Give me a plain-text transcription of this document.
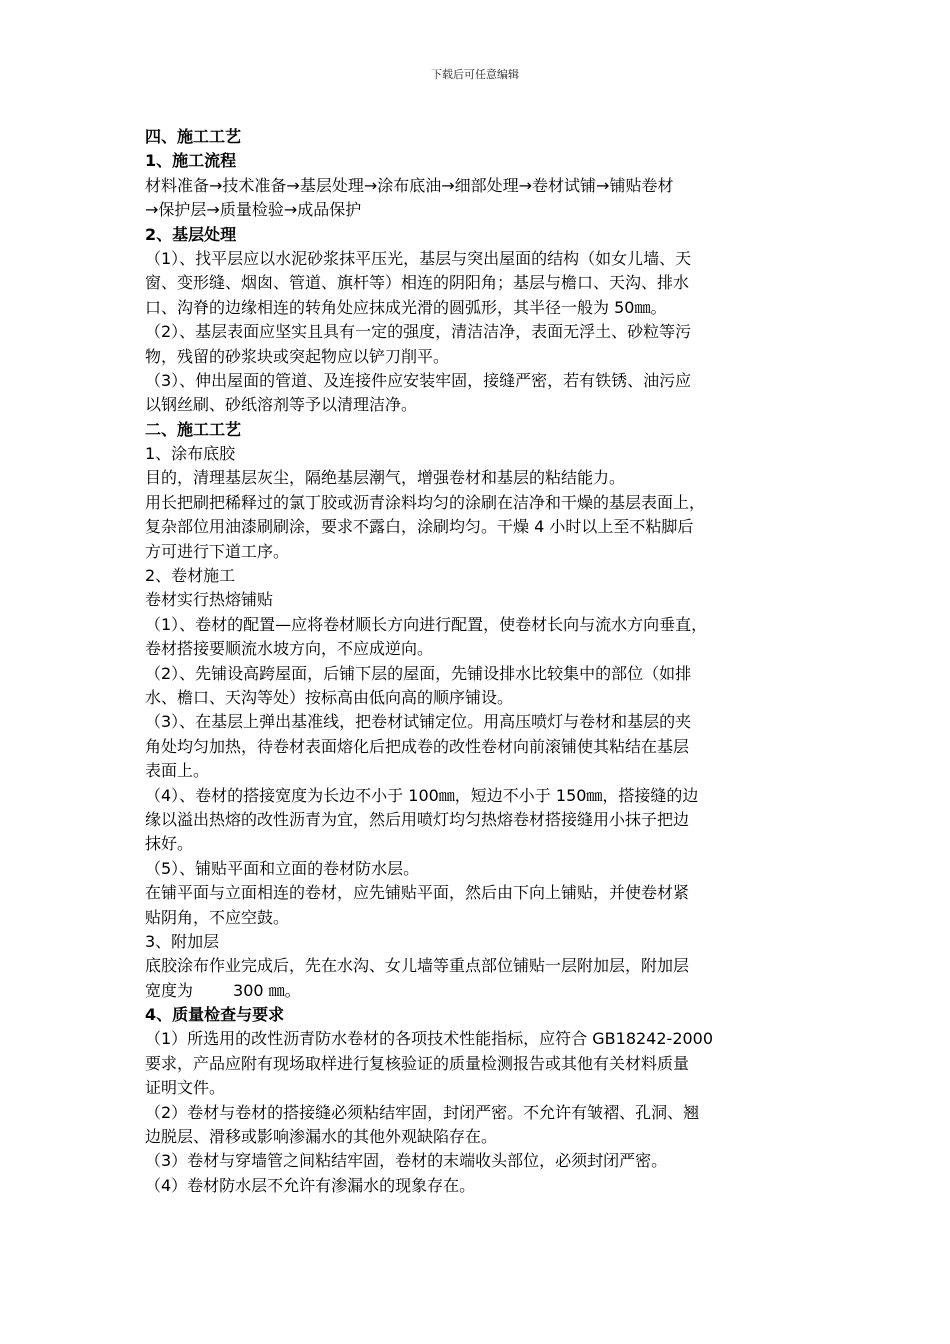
下载后可任意编辑
四、施工工艺
1、施工流程
材料准备→技术准备→基层处理→涂布底油→细部处理→卷材试铺→铺贴卷材
→保护层→质量检验→成品保护
2、基层处理
（1）、找平层应以水泥砂浆抹平压光，基层与突出屋面的结构（如女儿墙、天
窗、变形缝、烟囱、管道、旗杆等）相连的阴阳角；基层与檐口、天沟、排水
口、沟脊的边缘相连的转角处应抹成光滑的圆弧形，其半径一般为 50㎜。
（2）、基层表面应坚实且具有一定的强度，清洁洁净，表面无浮土、砂粒等污
物，残留的砂浆块或突起物应以铲刀削平。
（3）、伸出屋面的管道、及连接件应安装牢固，接缝严密，若有铁锈、油污应
以钢丝刷、砂纸溶剂等予以清理洁净。
二、施工工艺
1、涂布底胶
目的，清理基层灰尘，隔绝基层潮气，增强卷材和基层的粘结能力。
用长把刷把稀释过的氯丁胶或沥青涂料均匀的涂刷在洁净和干燥的基层表面上，
复杂部位用油漆刷刷涂，要求不露白，涂刷均匀。干燥 4 小时以上至不粘脚后
方可进行下道工序。
2、卷材施工
卷材实行热熔铺贴
（1）、卷材的配置—应将卷材顺长方向进行配置，使卷材长向与流水方向垂直，
卷材搭接要顺流水坡方向，不应成逆向。
（2）、先铺设高跨屋面，后铺下层的屋面，先铺设排水比较集中的部位（如排
水、檐口、天沟等处）按标高由低向高的顺序铺设。
（3）、在基层上弹出基准线，把卷材试铺定位。用高压喷灯与卷材和基层的夹
角处均匀加热，待卷材表面熔化后把成卷的改性卷材向前滚铺使其粘结在基层
表面上。
（4）、卷材的搭接宽度为长边不小于 100㎜，短边不小于 150㎜，搭接缝的边
缘以溢出热熔的改性沥青为宜，然后用喷灯均匀热熔卷材搭接缝用小抹子把边
抹好。
（5）、铺贴平面和立面的卷材防水层。
在铺平面与立面相连的卷材，应先铺贴平面，然后由下向上铺贴，并使卷材紧
贴阴角，不应空鼓。
3、附加层
底胶涂布作业完成后，先在水沟、女儿墙等重点部位铺贴一层附加层，附加层
宽度为	300 ㎜。
4、质量检查与要求
（1）所选用的改性沥青防水卷材的各项技术性能指标，应符合 GB18242-2000
要求，产品应附有现场取样进行复核验证的质量检测报告或其他有关材料质量
证明文件。
（2）卷材与卷材的搭接缝必须粘结牢固，封闭严密。不允许有皱褶、孔洞、翘
边脱层、滑移或影响渗漏水的其他外观缺陷存在。
（3）卷材与穿墙管之间粘结牢固，卷材的末端收头部位，必须封闭严密。
（4）卷材防水层不允许有渗漏水的现象存在。
